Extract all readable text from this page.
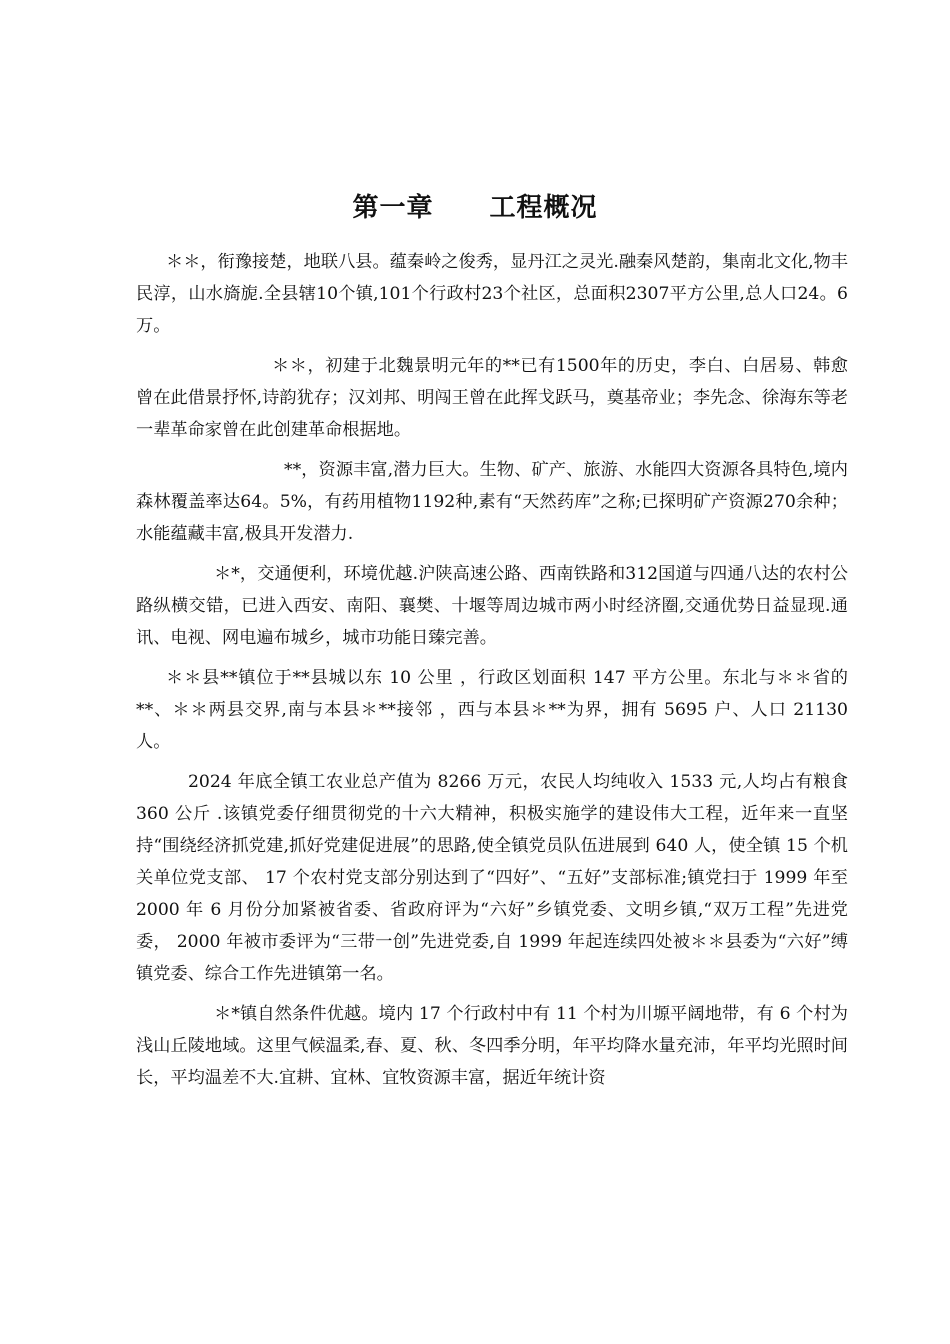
第一章 工程概况

＊＊，衔豫接楚，地联八县。蕴秦岭之俊秀，显丹江之灵光.融秦风楚韵，集南北文化,物丰民淳，山水旖旎.全县辖10个镇,101个行政村23个社区，总面积2307平方公里,总人口24。6万。

＊＊，初建于北魏景明元年的**已有1500年的历史，李白、白居易、韩愈曾在此借景抒怀,诗韵犹存；汉刘邦、明闯王曾在此挥戈跃马，奠基帝业；李先念、徐海东等老一辈革命家曾在此创建革命根据地。

**，资源丰富,潜力巨大。生物、矿产、旅游、水能四大资源各具特色,境内森林覆盖率达64。5%，有药用植物1192种,素有“天然药库”之称;已探明矿产资源270余种；水能蕴藏丰富,极具开发潜力.

＊*，交通便利，环境优越.沪陕高速公路、西南铁路和312国道与四通八达的农村公路纵横交错，已进入西安、南阳、襄樊、十堰等周边城市两小时经济圈,交通优势日益显现.通讯、电视、网电遍布城乡，城市功能日臻完善。

＊＊县**镇位于**县城以东 10 公里 ，行政区划面积 147 平方公里。东北与＊＊省的**、＊＊两县交界,南与本县＊**接邻 ，西与本县＊**为界，拥有 5695 户、人口 21130 人。

2024 年底全镇工农业总产值为 8266 万元，农民人均纯收入 1533 元,人均占有粮食 360 公斤 .该镇党委仔细贯彻党的十六大精神，积极实施学的建设伟大工程，近年来一直坚持“围绕经济抓党建,抓好党建促进展”的思路,使全镇党员队伍进展到 640 人，使全镇 15 个机关单位党支部、 17 个农村党支部分别达到了“四好”、“五好”支部标准;镇党扫于 1999 年至 2000 年 6 月份分加紧被省委、省政府评为“六好”乡镇党委、文明乡镇,“双万工程”先进党委， 2000 年被市委评为“三带一创”先进党委,自 1999 年起连续四处被＊＊县委为“六好”缚镇党委、综合工作先进镇第一名。

＊*镇自然条件优越。境内 17 个行政村中有 11 个村为川塬平阔地带，有 6 个村为浅山丘陵地域。这里气候温柔,春、夏、秋、冬四季分明，年平均降水量充沛，年平均光照时间长，平均温差不大.宜耕、宜林、宜牧资源丰富，据近年统计资
